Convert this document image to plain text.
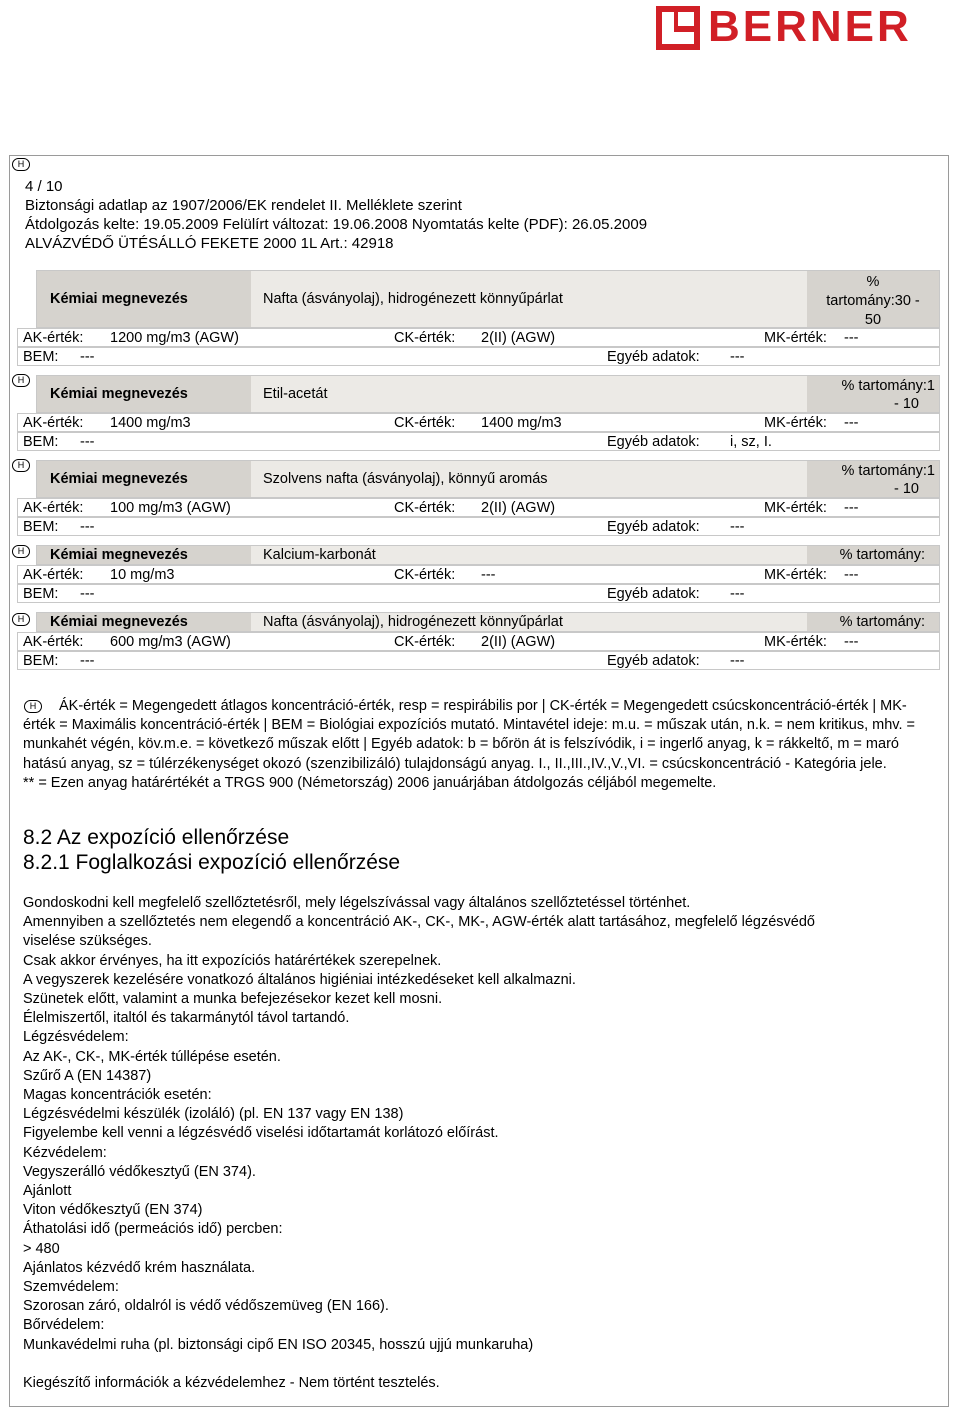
BERNER
H
4 / 10
Biztonsági adatlap az 1907/2006/EK rendelet II. Melléklete szerint
Átdolgozás kelte: 19.05.2009 Felülírt változat: 19.06.2008 Nyomtatás kelte (PDF): 26.05.2009
ALVÁZVÉDŐ ÜTÉSÁLLÓ FEKETE 2000 1L Art.: 42918
Kémiai megnevezés	Nafta (ásványolaj), hidrogénezett könnyűpárlat
%
tartomány:30 -
50
AK-érték: 1200 mg/m3 (AGW)	CK-érték: 2(II) (AGW)	MK-érték: ---
BEM: ---	Egyéb adatok: ---
H
Kémiai megnevezés	Etil-acetát	% tartomány:1
- 10
AK-érték: 1400 mg/m3	CK-érték: 1400 mg/m3	MK-érték: ---
BEM: ---	Egyéb adatok: i, sz, I.
H
Kémiai megnevezés	Szolvens nafta (ásványolaj), könnyű aromás	% tartomány:1
- 10
AK-érték: 100 mg/m3 (AGW)	CK-érték: 2(II) (AGW)	MK-érték: ---
BEM: ---	Egyéb adatok: ---
H	Kémiai megnevezés	Kalcium-karbonát	% tartomány:
AK-érték: 10 mg/m3	CK-érték: ---	MK-érték: ---
BEM: ---	Egyéb adatok: ---
H	Kémiai megnevezés	Nafta (ásványolaj), hidrogénezett könnyűpárlat	% tartomány:
AK-érték: 600 mg/m3 (AGW)	CK-érték: 2(II) (AGW)	MK-érték: ---
BEM: ---	Egyéb adatok: ---
H	ÁK-érték = Megengedett átlagos koncentráció-érték, resp = respirábilis por | CK-érték = Megengedett csúcskoncentráció-érték | MK-érték = Maximális koncentráció-érték | BEM = Biológiai expozíciós mutató. Mintavétel ideje: m.u. = műszak után, n.k. = nem kritikus, mhv. = munkahét végén, köv.m.e. = következő műszak előtt | Egyéb adatok: b = bőrön át is felszívódik, i = ingerlő anyag, k = rákkeltő, m = maró hatású anyag, sz = túlérzékenységet okozó (szenzibilizáló) tulajdonságú anyag. I., II.,III.,IV.,V.,VI. = csúcskoncentráció - Kategória jele.
** = Ezen anyag határértékét a TRGS 900 (Németország) 2006 januárjában átdolgozás céljából megemelte.
8.2 Az expozíció ellenőrzése
8.2.1 Foglalkozási expozíció ellenőrzése
Gondoskodni kell megfelelő szellőztetésről, mely légelszívással vagy általános szellőztetéssel történhet.
Amennyiben a szellőztetés nem elegendő a koncentráció AK-, CK-, MK-, AGW-érték alatt tartásához, megfelelő légzésvédő
viselése szükséges.
Csak akkor érvényes, ha itt expozíciós határértékek szerepelnek.
A vegyszerek kezelésére vonatkozó általános higiéniai intézkedéseket kell alkalmazni.
Szünetek előtt, valamint a munka befejezésekor kezet kell mosni.
Élelmiszertől, italtól és takarmánytól távol tartandó.
Légzésvédelem:
Az AK-, CK-, MK-érték túllépése esetén.
Szűrő A (EN 14387)
Magas koncentrációk esetén:
Légzésvédelmi készülék (izoláló) (pl. EN 137 vagy EN 138)
Figyelembe kell venni a légzésvédő viselési időtartamát korlátozó előírást.
Kézvédelem:
Vegyszerálló védőkesztyű (EN 374).
Ajánlott
Viton védőkesztyű (EN 374)
Áthatolási idő (permeációs idő) percben:
> 480
Ajánlatos kézvédő krém használata.
Szemvédelem:
Szorosan záró, oldalról is védő védőszemüveg (EN 166).
Bőrvédelem:
Munkavédelmi ruha (pl. biztonsági cipő EN ISO 20345, hosszú ujjú munkaruha)
Kiegészítő információk a kézvédelemhez - Nem történt tesztelés.
